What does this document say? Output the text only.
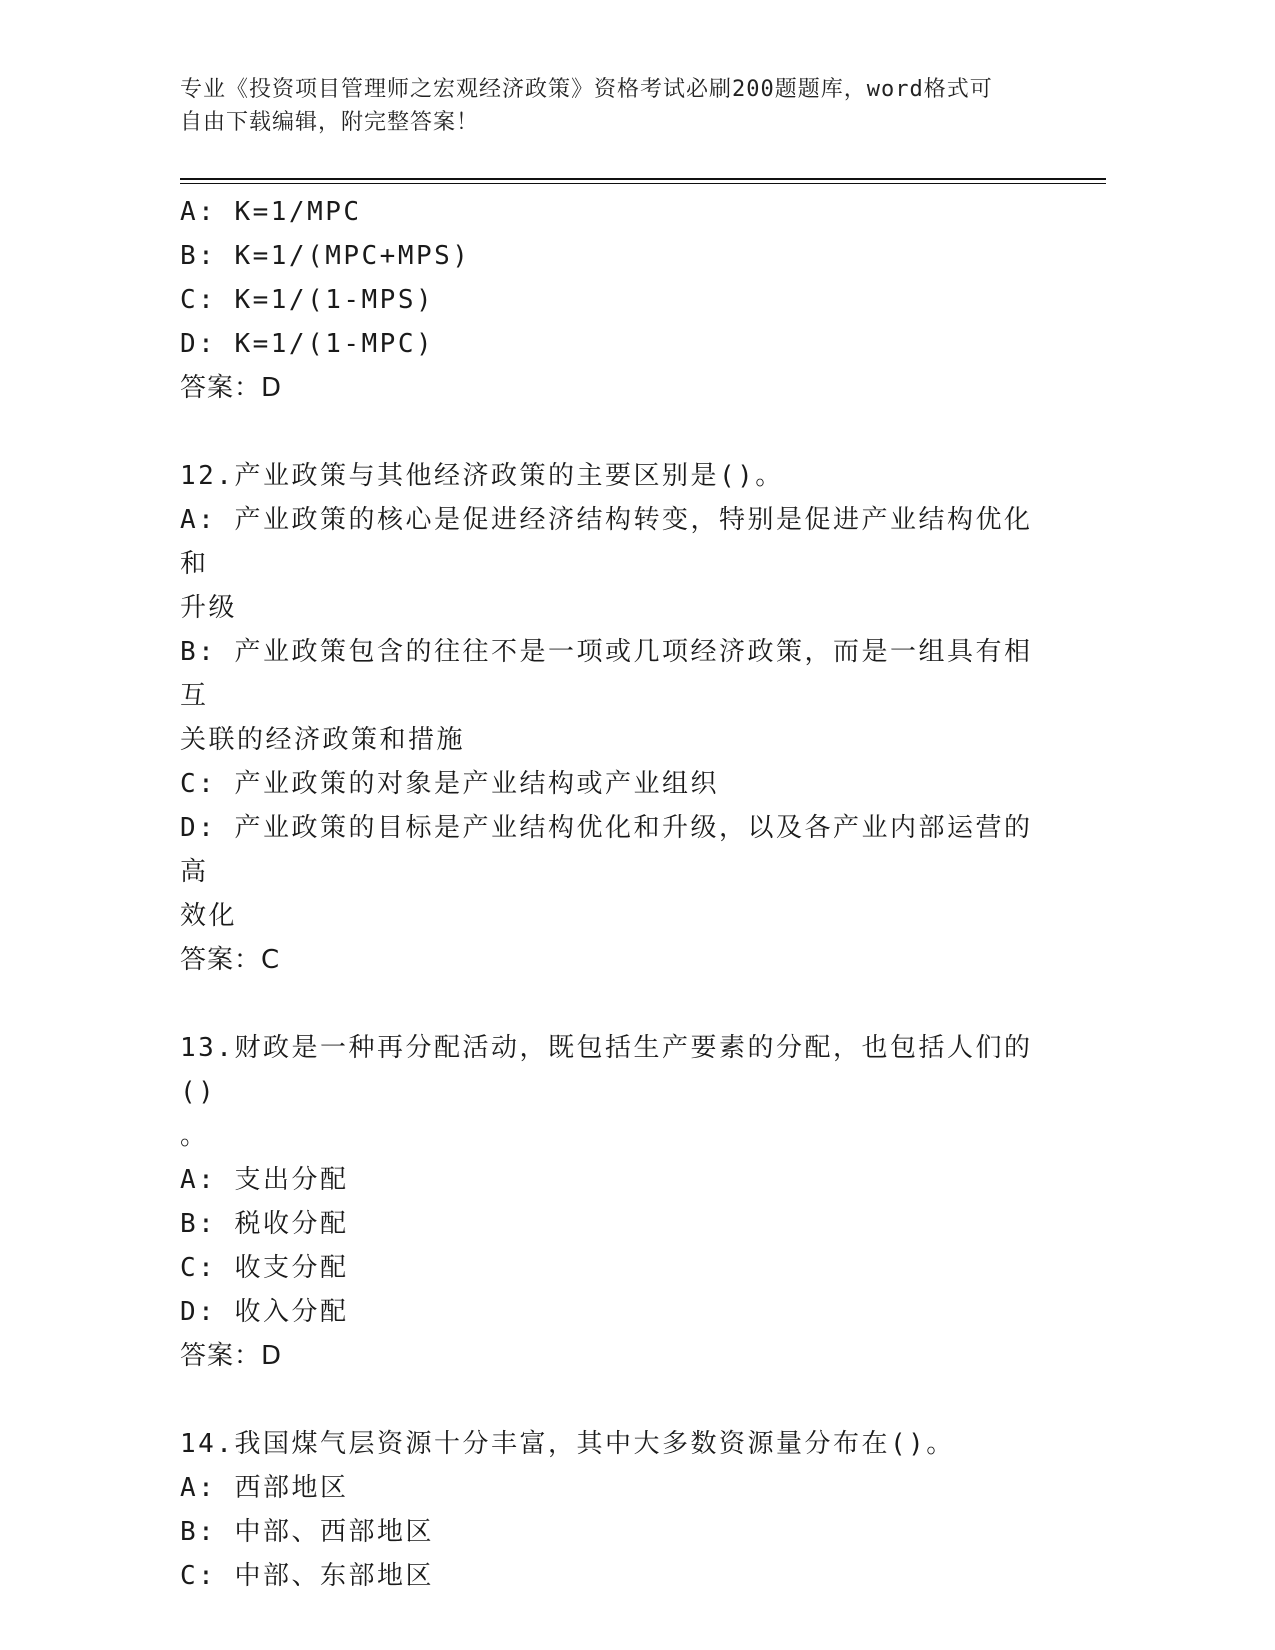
专业《投资项目管理师之宏观经济政策》资格考试必刷200题题库，word格式可
自由下载编辑，附完整答案！
A: K=1/MPC
B: K=1/(MPC+MPS)
C: K=1/(1-MPS)
D: K=1/(1-MPC)
答案：D
12.产业政策与其他经济政策的主要区别是()。
A: 产业政策的核心是促进经济结构转变，特别是促进产业结构优化和
升级
B: 产业政策包含的往往不是一项或几项经济政策，而是一组具有相互
关联的经济政策和措施
C: 产业政策的对象是产业结构或产业组织
D: 产业政策的目标是产业结构优化和升级，以及各产业内部运营的高
效化
答案：C
13.财政是一种再分配活动，既包括生产要素的分配，也包括人们的()
。
A: 支出分配
B: 税收分配
C: 收支分配
D: 收入分配
答案：D
14.我国煤气层资源十分丰富，其中大多数资源量分布在()。
A: 西部地区
B: 中部、西部地区
C: 中部、东部地区
